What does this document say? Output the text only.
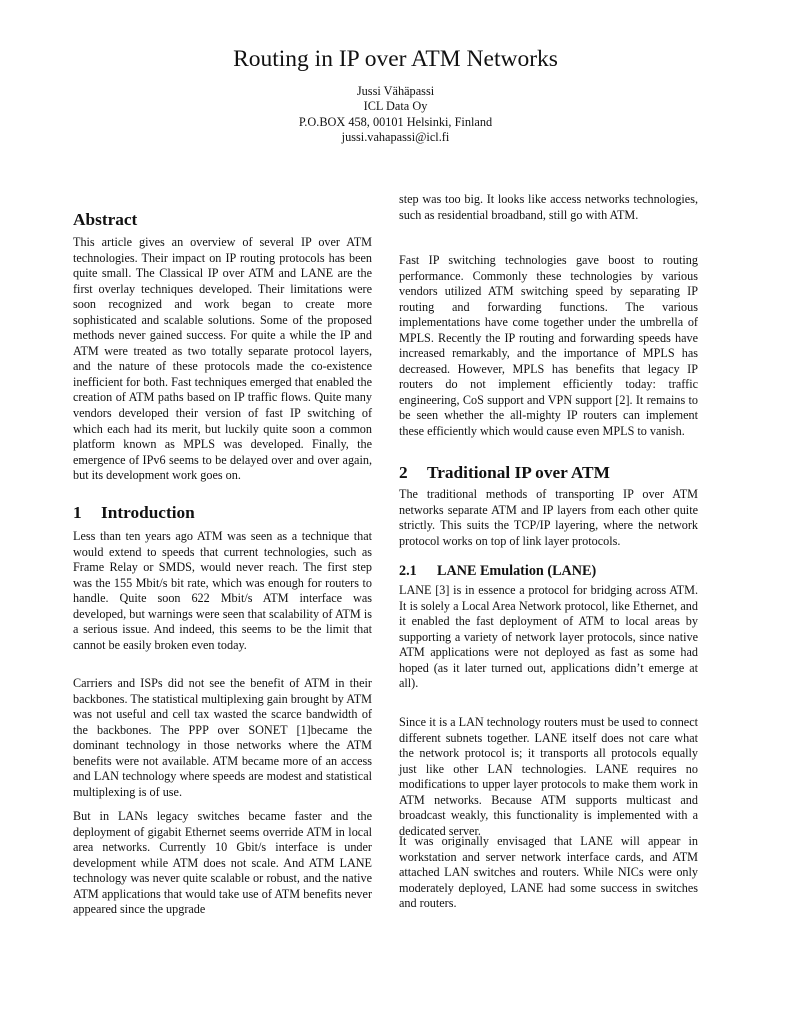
Routing in IP over ATM Networks
Jussi Vähäpassi
ICL Data Oy
P.O.BOX 458, 00101 Helsinki, Finland
jussi.vahapassi@icl.fi
Abstract

This article gives an overview of several IP over ATM technologies. Their impact on IP routing protocols has been quite small. The Classical IP over ATM and LANE are the first overlay techniques developed. Their limitations were soon recognized and work began to create more sophisticated and scalable solutions. Some of the proposed methods never gained success. For quite a while the IP and ATM were treated as two totally separate protocol layers, and the nature of these protocols made the co-existence inefficient for both. Fast techniques emerged that enabled the creation of ATM paths based on IP traffic flows. Quite many vendors developed their version of fast IP switching of which each had its merit, but luckily quite soon a common platform known as MPLS was developed. Finally, the emergence of IPv6 seems to be delayed over and over again, but its development work goes on.

1 Introduction

Less than ten years ago ATM was seen as a technique that would extend to speeds that current technologies, such as Frame Relay or SMDS, would never reach. The first step was the 155 Mbit/s bit rate, which was enough for routers to handle. Quite soon 622 Mbit/s ATM interface was developed, but warnings were seen that scalability of ATM is a serious issue. And indeed, this seems to be the limit that cannot be easily broken even today.

Carriers and ISPs did not see the benefit of ATM in their backbones. The statistical multiplexing gain brought by ATM was not useful and cell tax wasted the scarce bandwidth of the backbones. The PPP over SONET [1]became the dominant technology in those networks where the ATM benefits were not available. ATM became more of an access and LAN technology where speeds are modest and statistical multiplexing is of use.

But in LANs legacy switches became faster and the deployment of gigabit Ethernet seems override ATM in local area networks. Currently 10 Gbit/s interface is under development while ATM does not scale. And ATM LANE technology was never quite scalable or robust, and the native ATM applications that would take use of ATM benefits never appeared since the upgrade

step was too big. It looks like access networks technologies, such as residential broadband, still go with ATM.

Fast IP switching technologies gave boost to routing performance. Commonly these technologies by various vendors utilized ATM switching speed by separating IP routing and forwarding functions. The various implementations have come together under the umbrella of MPLS. Recently the IP routing and forwarding speeds have increased remarkably, and the importance of MPLS has decreased. However, MPLS has benefits that legacy IP routers do not implement efficiently today: traffic engineering, CoS support and VPN support [2]. It remains to be seen whether the all-mighty IP routers can implement these efficiently which would cause even MPLS to vanish.

2 Traditional IP over ATM

The traditional methods of transporting IP over ATM networks separate ATM and IP layers from each other quite strictly. This suits the TCP/IP layering, where the network protocol works on top of link layer protocols.

2.1 LANE Emulation (LANE)

LANE [3] is in essence a protocol for bridging across ATM. It is solely a Local Area Network protocol, like Ethernet, and it enabled the fast deployment of ATM to local areas by supporting a variety of network layer protocols, since native ATM applications were not deployed as fast as some had hoped (as it later turned out, applications didn’t emerge at all).

Since it is a LAN technology routers must be used to connect different subnets together. LANE itself does not care what the network protocol is; it transports all protocols equally just like other LAN technologies. LANE requires no modifications to upper layer protocols to make them work in ATM networks. Because ATM supports multicast and broadcast weakly, this functionality is implemented with a dedicated server.

It was originally envisaged that LANE will appear in workstation and server network interface cards, and ATM attached LAN switches and routers. While NICs were only moderately deployed, LANE had some success in switches and routers.
